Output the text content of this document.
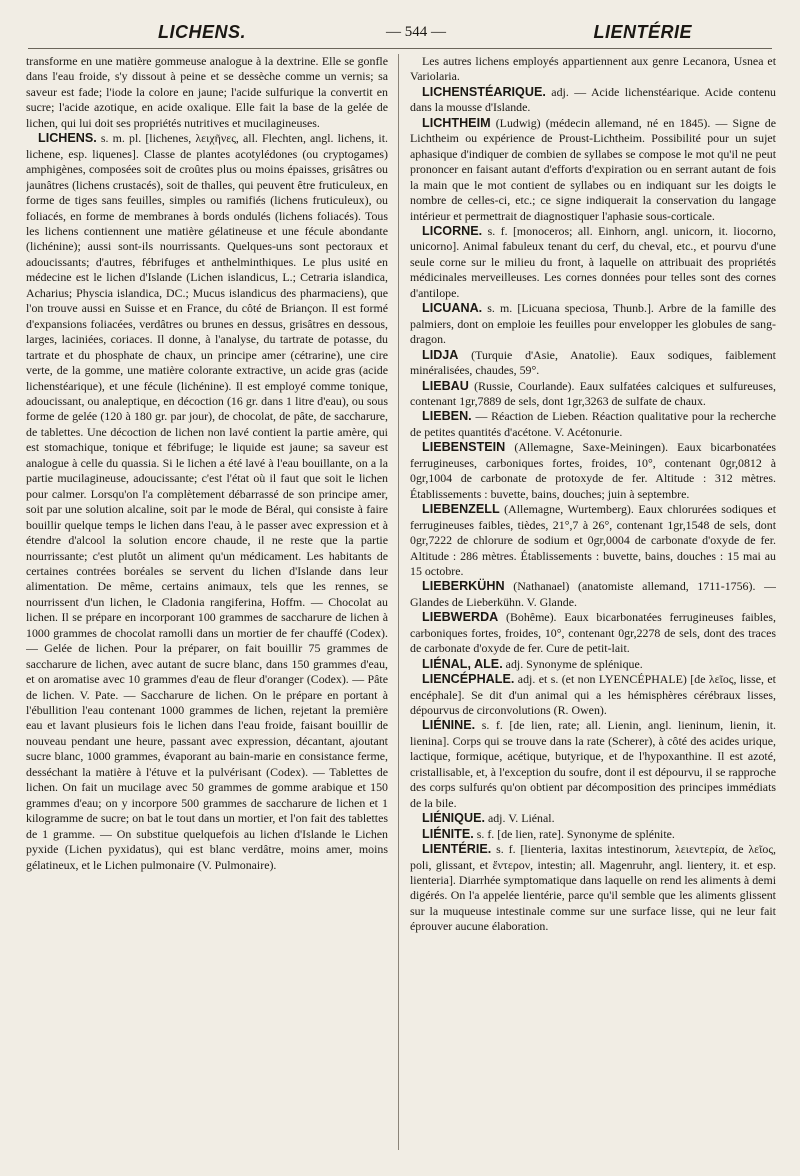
LICHENS.	— 544 —	LIENTÉRIE

transforme en une matière gommeuse analogue à la dextrine. Elle se gonfle dans l'eau froide, s'y dissout à peine et se dessèche comme un vernis; sa saveur est fade; l'iode la colore en jaune; l'acide sulfurique la convertit en sucre; l'acide azotique, en acide oxalique. Elle fait la base de la gelée de lichen, qui lui doit ses propriétés nutritives et mucilagineuses.

LICHENS. s. m. pl. [lichenes, λειχῆνες, all. Flechten, angl. lichens, it. lichene, esp. liquenes]. Classe de plantes acotylédones (ou cryptogames) amphigènes, composées soit de croûtes plus ou moins épaisses, grisâtres ou jaunâtres (lichens crustacés), soit de thalles, qui peuvent être fruticuleux, en forme de tiges sans feuilles, simples ou ramifiés (lichens fruticuleux), ou foliacés, en forme de membranes à bords ondulés (lichens foliacés). Tous les lichens contiennent une matière gélatineuse et une fécule abondante (lichénine); aussi sont-ils nourrissants. Quelques-uns sont pectoraux et adoucissants; d'autres, fébrifuges et anthelminthiques. Le plus usité en médecine est le lichen d'Islande (Lichen islandicus, L.; Cetraria islandica, Acharius; Physcia islandica, DC.; Mucus islandicus des pharmaciens), que l'on trouve aussi en Suisse et en France, du côté de Briançon. Il est formé d'expansions foliacées, verdâtres ou brunes en dessus, grisâtres en dessous, larges, laciniées, coriaces. Il donne, à l'analyse, du tartrate de potasse, du tartrate et du phosphate de chaux, un principe amer (cétrarine), une cire verte, de la gomme, une matière colorante extractive, un acide gras (acide lichenstéarique), et une fécule (lichénine). Il est employé comme tonique, adoucissant, ou analeptique, en décoction (16 gr. dans 1 litre d'eau), ou sous forme de gelée (120 à 180 gr. par jour), de chocolat, de pâte, de saccharure, de tablettes. Une décoction de lichen non lavé contient la partie amère, qui est stomachique, tonique et fébrifuge; le liquide est jaune; sa saveur est analogue à celle du quassia. Si le lichen a été lavé à l'eau bouillante, on a la partie mucilagineuse, adoucissante; c'est l'état où il faut que soit le lichen pour calmer. Lorsqu'on l'a complètement débarrassé de son principe amer, soit par une solution alcaline, soit par le mode de Béral, qui consiste à faire bouillir quelque temps le lichen dans l'eau, à le passer avec expression et à étendre d'alcool la solution encore chaude, il ne reste que la partie nourrissante; c'est plutôt un aliment qu'un médicament. Les habitants de certaines contrées boréales se servent du lichen d'Islande dans leur alimentation. De même, certains animaux, tels que les rennes, se nourrissent d'un lichen, le Cladonia rangiferina, Hoffm. — Chocolat au lichen. Il se prépare en incorporant 100 grammes de saccharure de lichen à 1000 grammes de chocolat ramolli dans un mortier de fer chauffé (Codex). — Gelée de lichen. Pour la préparer, on fait bouillir 75 grammes de saccharure de lichen, avec autant de sucre blanc, dans 150 grammes d'eau, et on aromatise avec 10 grammes d'eau de fleur d'oranger (Codex). — Pâte de lichen. V. Pate. — Saccharure de lichen. On le prépare en portant à l'ébullition l'eau contenant 1000 grammes de lichen, rejetant la première eau et lavant plusieurs fois le lichen dans l'eau froide, faisant bouillir de nouveau pendant une heure, passant avec expression, décantant, ajoutant sucre blanc, 1000 grammes, évaporant au bain-marie en consistance ferme, desséchant la matière à l'étuve et la pulvérisant (Codex). — Tablettes de lichen. On fait un mucilage avec 50 grammes de gomme arabique et 150 grammes d'eau; on y incorpore 500 grammes de saccharure de lichen et 1 kilogramme de sucre; on bat le tout dans un mortier, et l'on fait des tablettes de 1 gramme. — On substitue quelquefois au lichen d'Islande le Lichen pyxide (Lichen pyxidatus), qui est blanc verdâtre, moins amer, moins gélatineux, et le Lichen pulmonaire (V. Pulmonaire).

Les autres lichens employés appartiennent aux genre Lecanora, Usnea et Variolaria.

LICHENSTÉARIQUE. adj. — Acide lichenstéarique. Acide contenu dans la mousse d'Islande.

LICHTHEIM (Ludwig) (médecin allemand, né en 1845). — Signe de Lichtheim ou expérience de Proust-Lichtheim. Possibilité pour un sujet aphasique d'indiquer de combien de syllabes se compose le mot qu'il ne peut prononcer en faisant autant d'efforts d'expiration ou en serrant autant de fois la main que le mot contient de syllabes ou en indiquant sur les doigts le nombre de celles-ci, etc.; ce signe indiquerait la conservation du langage intérieur et permettrait de diagnostiquer l'aphasie sous-corticale.

LICORNE. s. f. [monoceros; all. Einhorn, angl. unicorn, it. liocorno, unicorno]. Animal fabuleux tenant du cerf, du cheval, etc., et pourvu d'une seule corne sur le milieu du front, à laquelle on attribuait des propriétés médicinales merveilleuses. Les cornes données pour telles sont des cornes d'antilope.

LICUANA. s. m. [Licuana speciosa, Thunb.]. Arbre de la famille des palmiers, dont on emploie les feuilles pour envelopper les globules de sang-dragon.

LIDJA (Turquie d'Asie, Anatolie). Eaux sodiques, faiblement minéralisées, chaudes, 59°.

LIEBAU (Russie, Courlande). Eaux sulfatées calciques et sulfureuses, contenant 1gr,7889 de sels, dont 1gr,3263 de sulfate de chaux.

LIEBEN. — Réaction de Lieben. Réaction qualitative pour la recherche de petites quantités d'acétone. V. Acétonurie.

LIEBENSTEIN (Allemagne, Saxe-Meiningen). Eaux bicarbonatées ferrugineuses, carboniques fortes, froides, 10°, contenant 0gr,0812 à 0gr,1004 de carbonate de protoxyde de fer. Altitude : 312 mètres. Établissements : buvette, bains, douches; juin à septembre.

LIEBENZELL (Allemagne, Wurtemberg). Eaux chlorurées sodiques et ferrugineuses faibles, tièdes, 21°,7 à 26°, contenant 1gr,1548 de sels, dont 0gr,7222 de chlorure de sodium et 0gr,0004 de carbonate d'oxyde de fer. Altitude : 286 mètres. Établissements : buvette, bains, douches : 15 mai au 15 octobre.

LIEBERKÜHN (Nathanael) (anatomiste allemand, 1711-1756). — Glandes de Lieberkühn. V. Glande.

LIEBWERDA (Bohême). Eaux bicarbonatées ferrugineuses faibles, carboniques fortes, froides, 10°, contenant 0gr,2278 de sels, dont des traces de carbonate d'oxyde de fer. Cure de petit-lait.

LIÉNAL, ALE. adj. Synonyme de splénique.

LIENCÉPHALE. adj. et s. (et non LYENCÉPHALE) [de λεῖος, lisse, et encéphale]. Se dit d'un animal qui a les hémisphères cérébraux lisses, dépourvus de circonvolutions (R. Owen).

LIÉNINE. s. f. [de lien, rate; all. Lienin, angl. lieninum, lienin, it. lienina]. Corps qui se trouve dans la rate (Scherer), à côté des acides urique, lactique, formique, acétique, butyrique, et de l'hypoxanthine. Il est azoté, cristallisable, et, à l'exception du soufre, dont il est dépourvu, il se rapproche des corps sulfurés qu'on obtient par décomposition des principes immédiats de la bile.

LIÉNIQUE. adj. V. Liénal.

LIÉNITE. s. f. [de lien, rate]. Synonyme de splénite.

LIENTÉRIE. s. f. [lienteria, laxitas intestinorum, λειεντερία, de λεῖος, poli, glissant, et ἔντερον, intestin; all. Magenruhr, angl. lientery, it. et esp. lienteria]. Diarrhée symptomatique dans laquelle on rend les aliments à demi digérés. On l'a appelée lientérie, parce qu'il semble que les aliments glissent sur la muqueuse intestinale comme sur une surface lisse, qui ne leur fait éprouver aucune élaboration.
